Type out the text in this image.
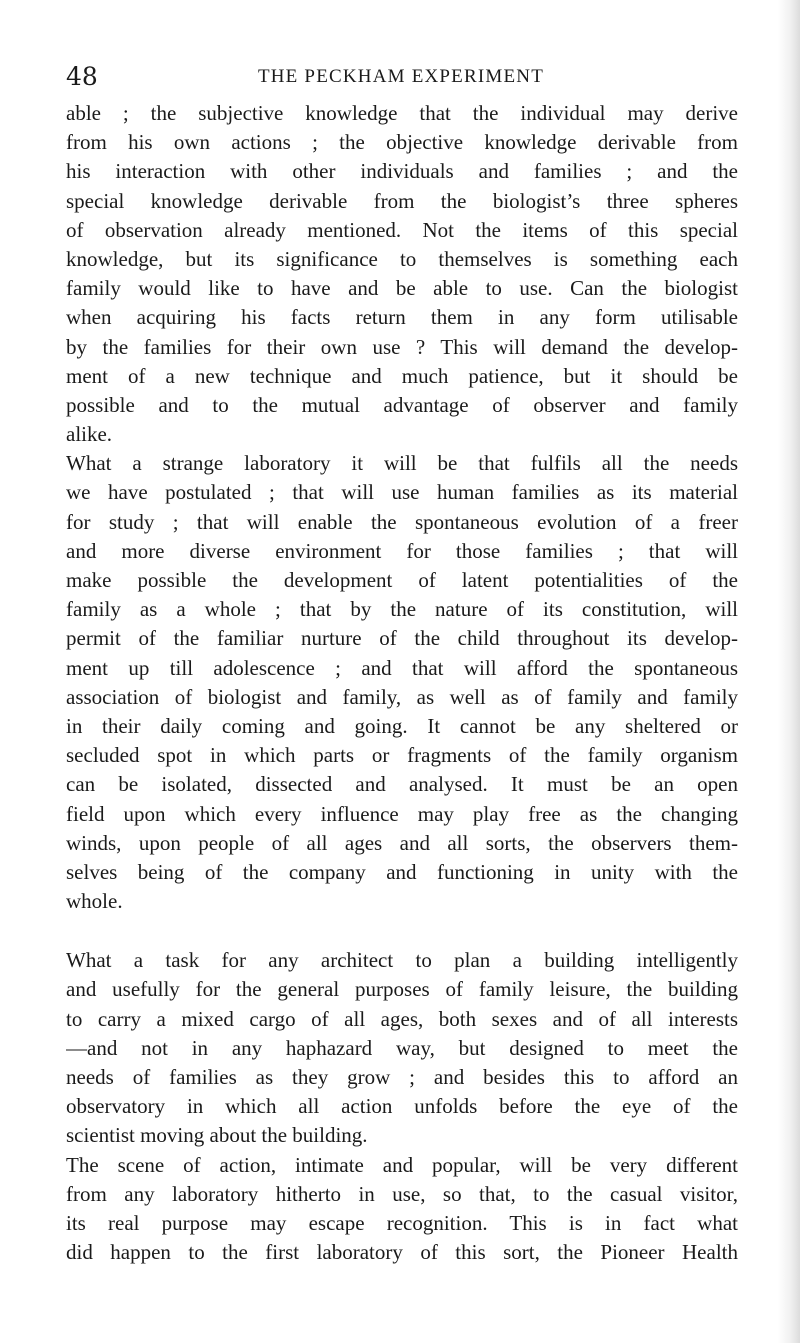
48	THE PECKHAM EXPERIMENT
able ; the subjective knowledge that the individual may derive
from his own actions ; the objective knowledge derivable from
his interaction with other individuals and families ; and the
special knowledge derivable from the biologist’s three spheres
of observation already mentioned. Not the items of this special
knowledge, but its significance to themselves is something each
family would like to have and be able to use. Can the biologist
when acquiring his facts return them in any form utilisable
by the families for their own use ? This will demand the develop-
ment of a new technique and much patience, but it should be
possible and to the mutual advantage of observer and family
alike.
What a strange laboratory it will be that fulfils all the needs
we have postulated ; that will use human families as its material
for study ; that will enable the spontaneous evolution of a freer
and more diverse environment for those families ; that will
make possible the development of latent potentialities of the
family as a whole ; that by the nature of its constitution, will
permit of the familiar nurture of the child throughout its develop-
ment up till adolescence ; and that will afford the spontaneous
association of biologist and family, as well as of family and family
in their daily coming and going. It cannot be any sheltered or
secluded spot in which parts or fragments of the family organism
can be isolated, dissected and analysed. It must be an open
field upon which every influence may play free as the changing
winds, upon people of all ages and all sorts, the observers them-
selves being of the company and functioning in unity with the
whole.
What a task for any architect to plan a building intelligently
and usefully for the general purposes of family leisure, the building
to carry a mixed cargo of all ages, both sexes and of all interests
—and not in any haphazard way, but designed to meet the
needs of families as they grow ; and besides this to afford an
observatory in which all action unfolds before the eye of the
scientist moving about the building.
The scene of action, intimate and popular, will be very different
from any laboratory hitherto in use, so that, to the casual visitor,
its real purpose may escape recognition. This is in fact what
did happen to the first laboratory of this sort, the Pioneer Health
